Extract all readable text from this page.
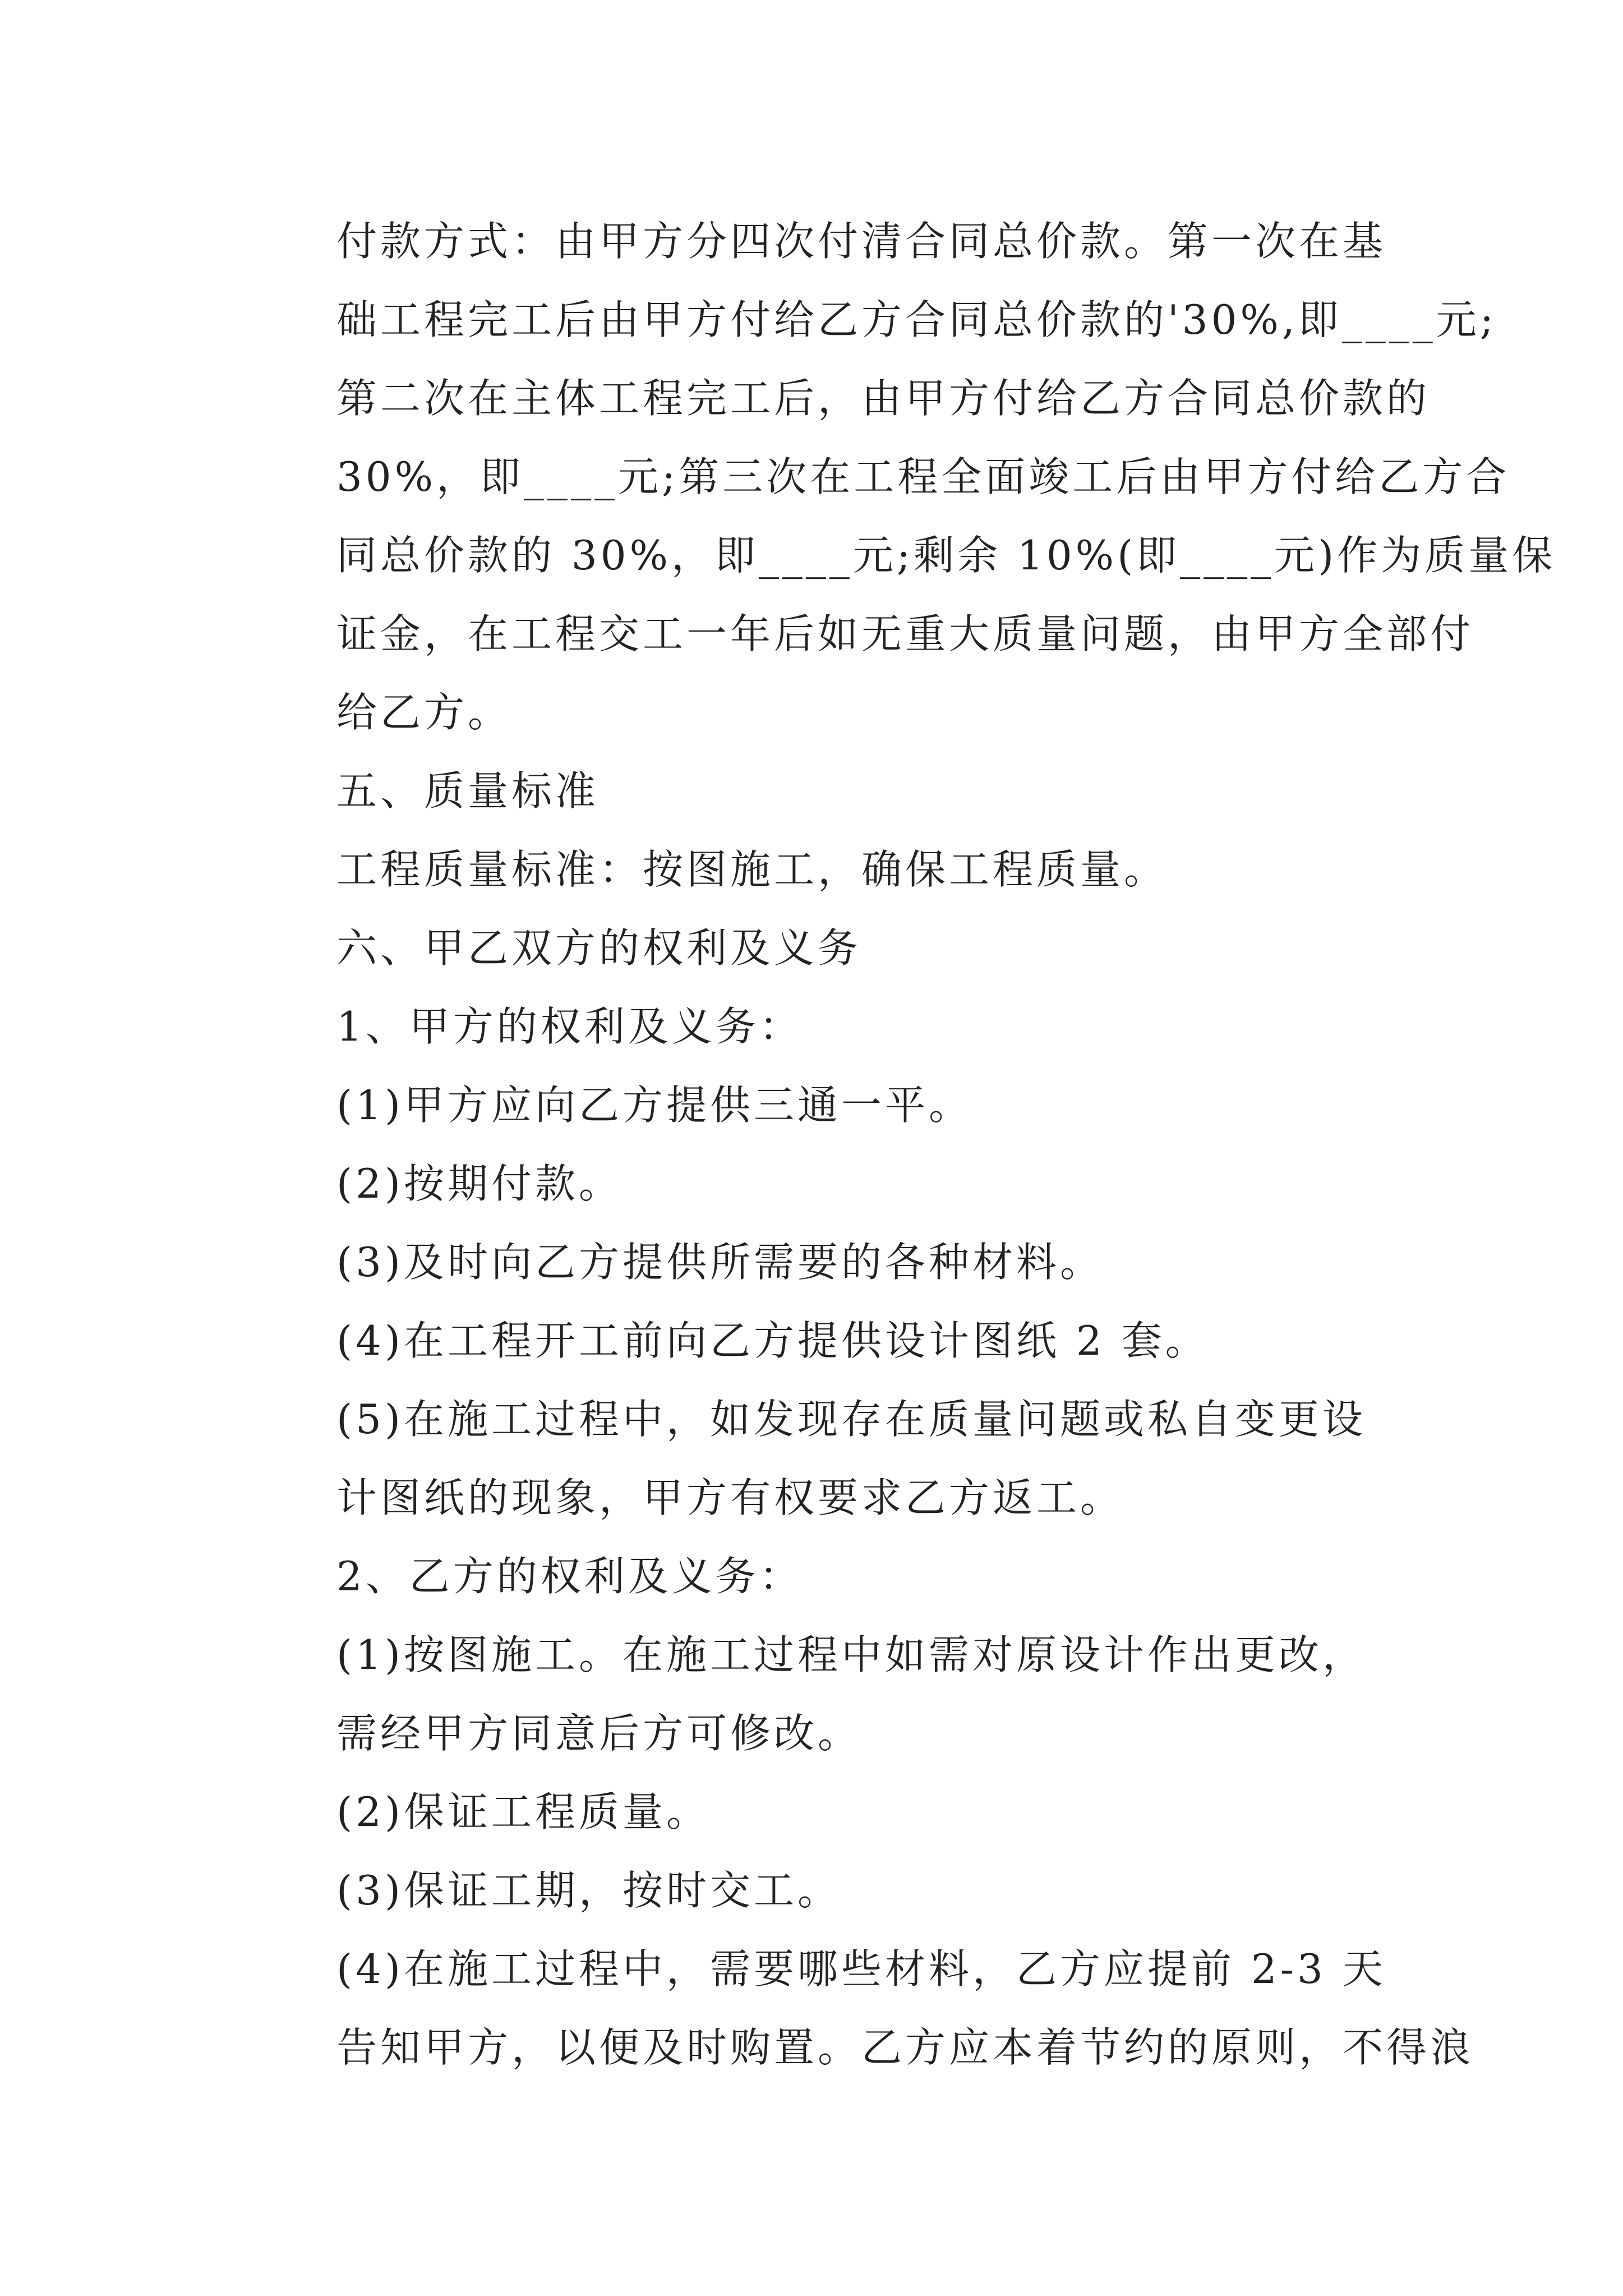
付款方式：由甲方分四次付清合同总价款。第一次在基
础工程完工后由甲方付给乙方合同总价款的'30%,即____元;
第二次在主体工程完工后，由甲方付给乙方合同总价款的
30%，即____元;第三次在工程全面竣工后由甲方付给乙方合
同总价款的 30%，即____元;剩余 10%(即____元)作为质量保
证金，在工程交工一年后如无重大质量问题，由甲方全部付
给乙方。

五、质量标准

工程质量标准：按图施工，确保工程质量。

六、甲乙双方的权利及义务

1、甲方的权利及义务：

(1)甲方应向乙方提供三通一平。

(2)按期付款。

(3)及时向乙方提供所需要的各种材料。

(4)在工程开工前向乙方提供设计图纸 2 套。

(5)在施工过程中，如发现存在质量问题或私自变更设
计图纸的现象，甲方有权要求乙方返工。

2、乙方的权利及义务：

(1)按图施工。在施工过程中如需对原设计作出更改，
需经甲方同意后方可修改。

(2)保证工程质量。

(3)保证工期，按时交工。

(4)在施工过程中，需要哪些材料，乙方应提前 2-3 天
告知甲方，以便及时购置。乙方应本着节约的原则，不得浪
